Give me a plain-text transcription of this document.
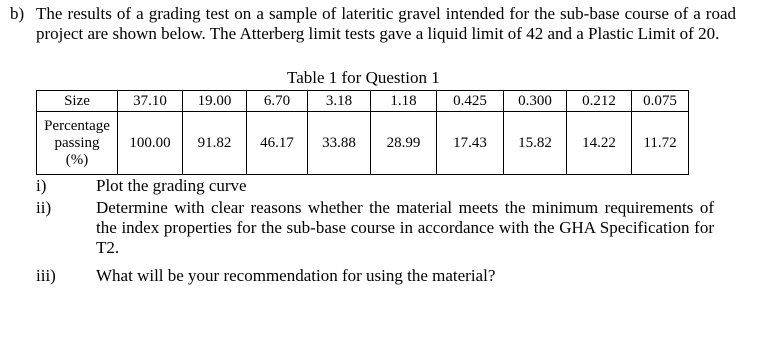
b) The results of a grading test on a sample of lateritic gravel intended for the sub-base course of a road project are shown below. The Atterberg limit tests gave a liquid limit of 42 and a Plastic Limit of 20.
Table 1 for Question 1
Size	37.10	19.00	6.70	3.18	1.18	0.425	0.300	0.212	0.075

Percentage
passing
(%)	100.00	91.82	46.17	33.88	28.99	17.43	15.82	14.22	11.72
i)	Plot the grading curve
ii)	Determine with clear reasons whether the material meets the minimum requirements of the index properties for the sub-base course in accordance with the GHA Specification for T2.
iii) What will be your recommendation for using the material?
